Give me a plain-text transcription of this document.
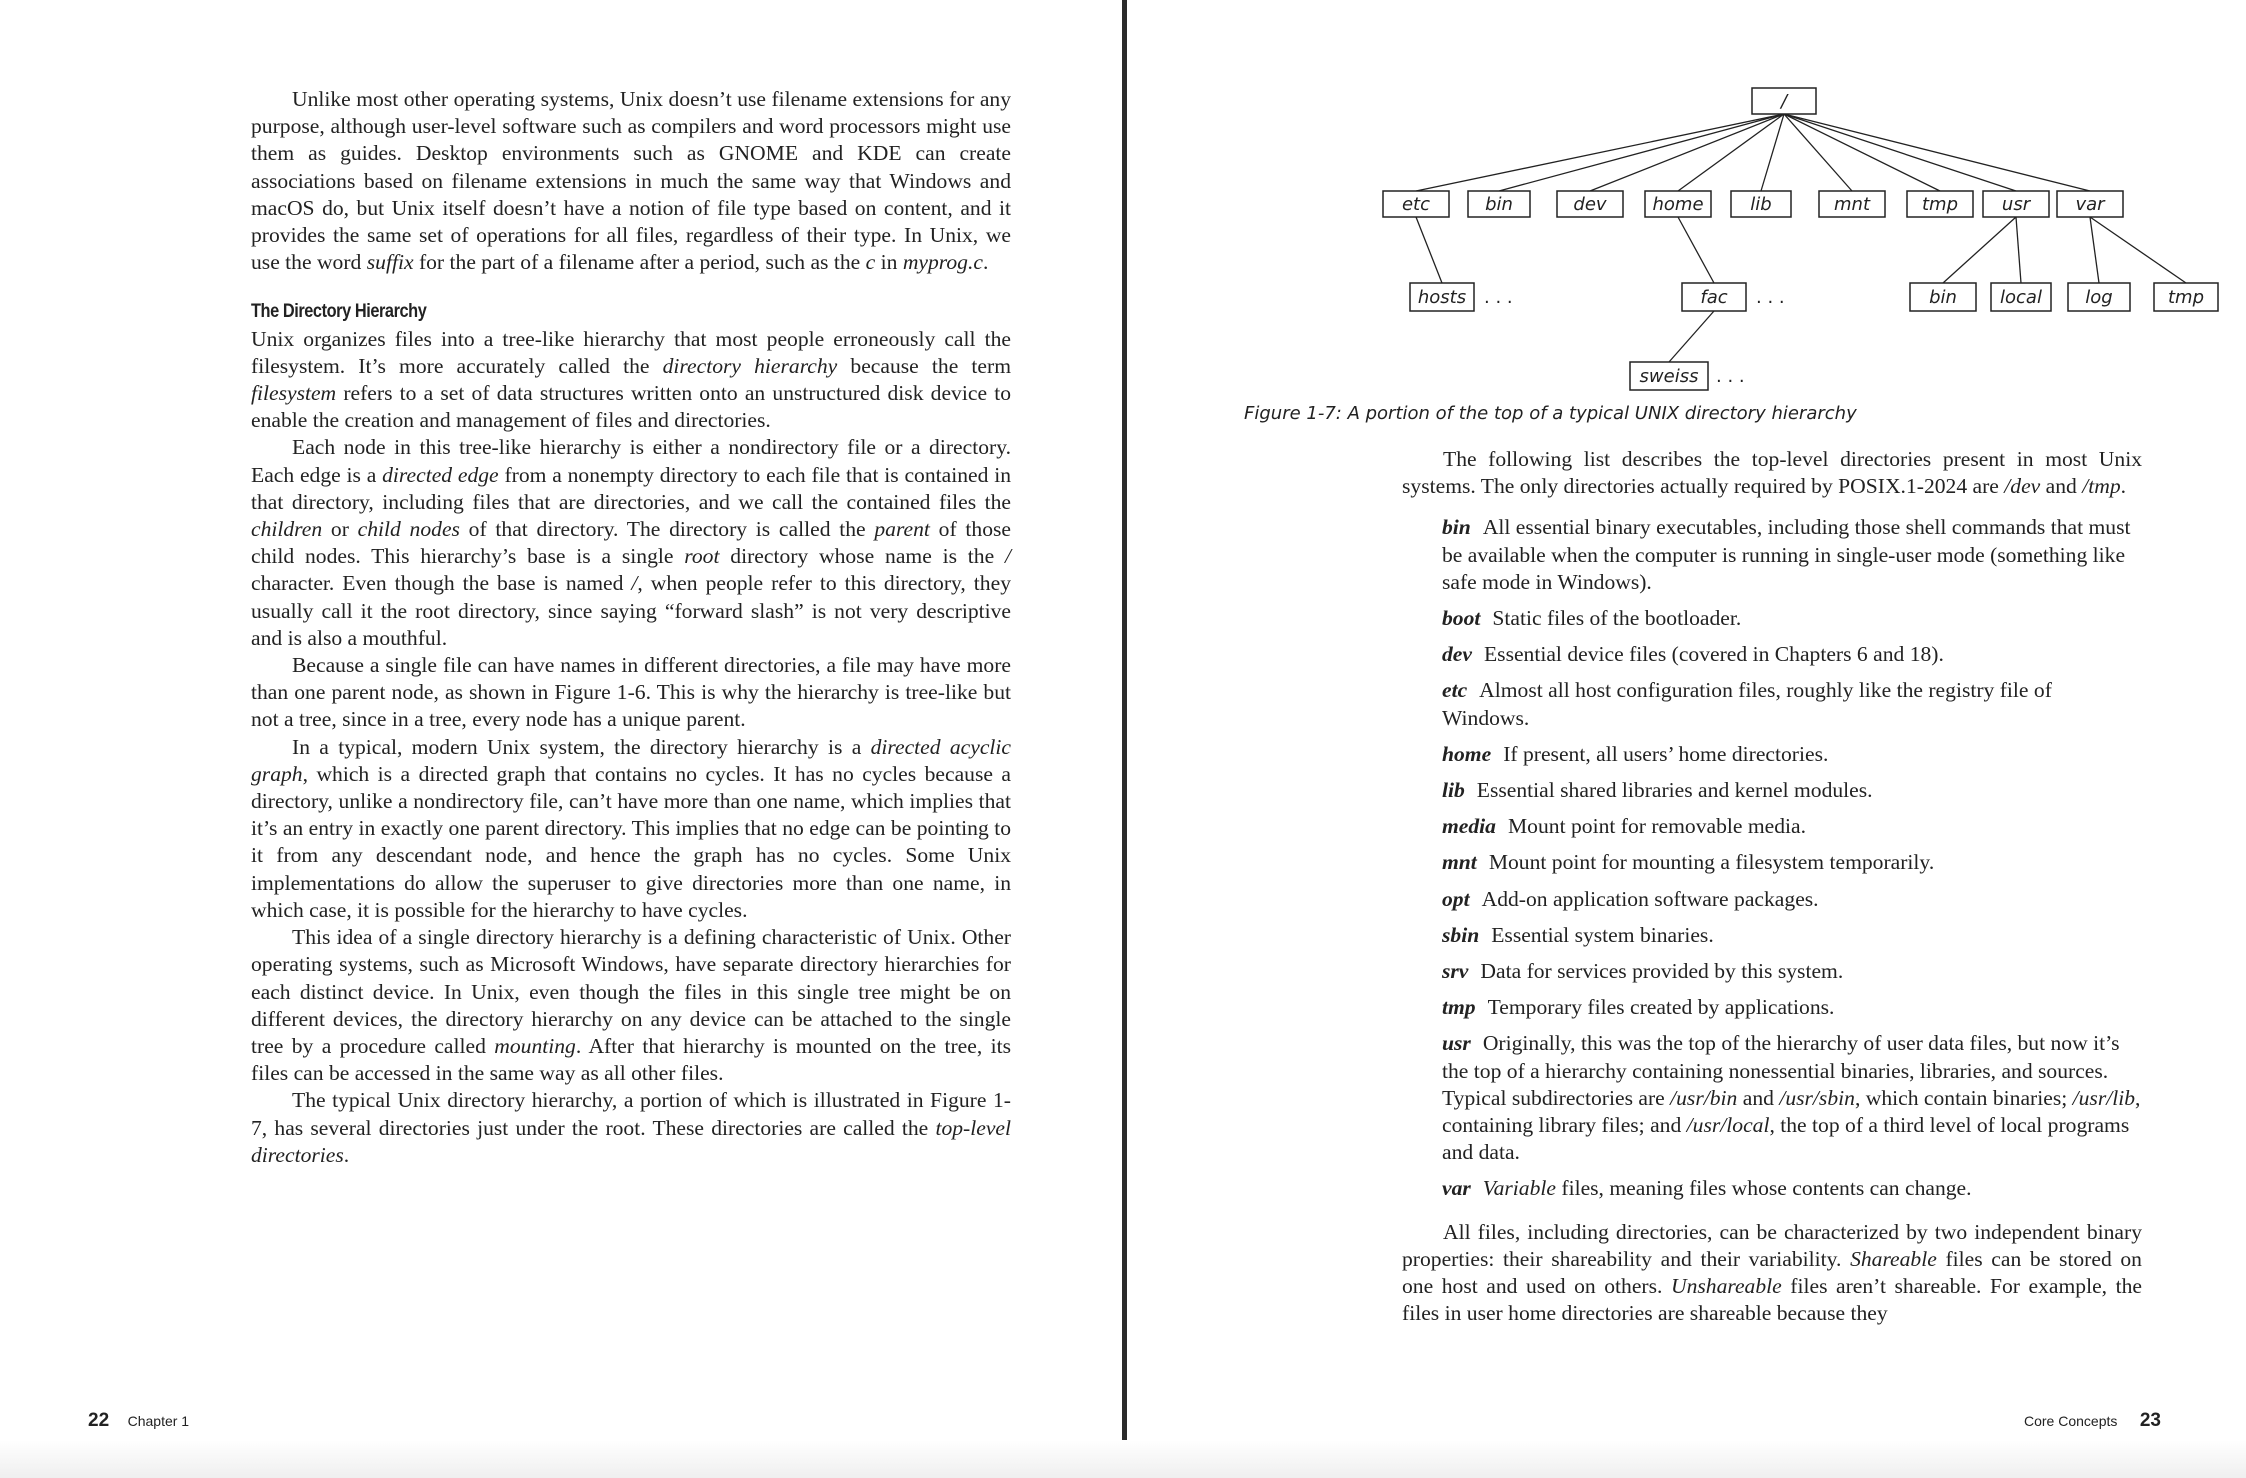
Unlike most other operating systems, Unix doesn’t use filename extensions for any purpose, although user-level software such as compilers and word processors might use them as guides. Desktop environments such as GNOME and KDE can create associations based on filename extensions in much the same way that Windows and macOS do, but Unix itself doesn’t have a notion of file type based on content, and it provides the same set of operations for all files, regardless of their type. In Unix, we use the word suffix for the part of a filename after a period, such as the c in myprog.c.

The Directory Hierarchy

Unix organizes files into a tree-like hierarchy that most people erroneously call the filesystem. It’s more accurately called the directory hierarchy because the term filesystem refers to a set of data structures written onto an unstructured disk device to enable the creation and management of files and directories.

Each node in this tree-like hierarchy is either a nondirectory file or a directory. Each edge is a directed edge from a nonempty directory to each file that is contained in that directory, including files that are directories, and we call the contained files the children or child nodes of that directory. The directory is called the parent of those child nodes. This hierarchy’s base is a single root directory whose name is the / character. Even though the base is named /, when people refer to this directory, they usually call it the root directory, since saying “forward slash” is not very descriptive and is also a mouthful.

Because a single file can have names in different directories, a file may have more than one parent node, as shown in Figure 1-6. This is why the hierarchy is tree-like but not a tree, since in a tree, every node has a unique parent.

In a typical, modern Unix system, the directory hierarchy is a directed acyclic graph, which is a directed graph that contains no cycles. It has no cycles because a directory, unlike a nondirectory file, can’t have more than one name, which implies that it’s an entry in exactly one parent directory. This implies that no edge can be pointing to it from any descendant node, and hence the graph has no cycles. Some Unix implementations do allow the superuser to give directories more than one name, in which case, it is possible for the hierarchy to have cycles.

This idea of a single directory hierarchy is a defining characteristic of Unix. Other operating systems, such as Microsoft Windows, have separate directory hierarchies for each distinct device. In Unix, even though the files in this single tree might be on different devices, the directory hierarchy on any device can be attached to the single tree by a procedure called mounting. After that hierarchy is mounted on the tree, its files can be accessed in the same way as all other files.

The typical Unix directory hierarchy, a portion of which is illustrated in Figure 1-7, has several directories just under the root. These directories are called the top-level directories.

22 Chapter 1
/
etc	bin	dev	home	lib	mnt	tmp usr	var
hosts	fac	bin local log	tmp
sweiss
. . .	. . .
. . .
Figure 1-7: A portion of the top of a typical UNIX directory hierarchy

The following list describes the top-level directories present in most Unix systems. The only directories actually required by POSIX.1-2024 are /dev and /tmp.

bin All essential binary executables, including those shell commands that must be available when the computer is running in single-user mode (something like safe mode in Windows).
boot Static files of the bootloader.
dev Essential device files (covered in Chapters 6 and 18).
etc Almost all host configuration files, roughly like the registry file of Windows.
home If present, all users’ home directories.
lib Essential shared libraries and kernel modules.
media Mount point for removable media.
mnt Mount point for mounting a filesystem temporarily.
opt Add-on application software packages.
sbin Essential system binaries.
srv Data for services provided by this system.
tmp Temporary files created by applications.
usr Originally, this was the top of the hierarchy of user data files, but now it’s the top of a hierarchy containing nonessential binaries, libraries, and sources. Typical subdirectories are /usr/bin and /usr/sbin, which contain binaries; /usr/lib, containing library files; and /usr/local, the top of a third level of local programs and data.
var Variable files, meaning files whose contents can change.

All files, including directories, can be characterized by two independent binary properties: their shareability and their variability. Shareable files can be stored on one host and used on others. Unshareable files aren’t shareable. For example, the files in user home directories are shareable because they

Core Concepts 23
